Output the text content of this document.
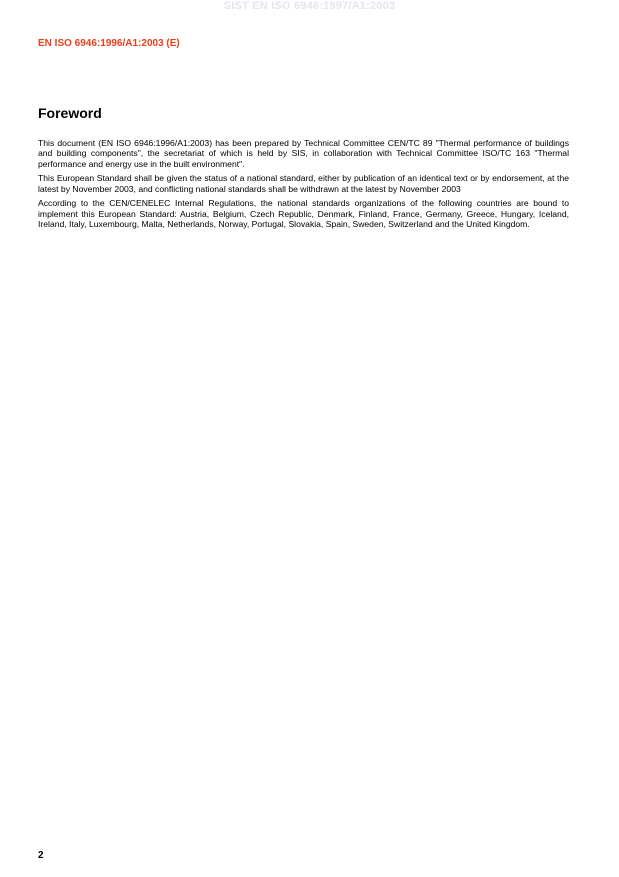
SIST EN ISO 6946:1997/A1:2003
EN ISO 6946:1996/A1:2003 (E)
Foreword

This document (EN ISO 6946:1996/A1:2003) has been prepared by Technical Committee CEN/TC 89 "Thermal performance of buildings and building components", the secretariat of which is held by SIS, in collaboration with Technical Committee ISO/TC 163 "Thermal performance and energy use in the built environment".

This European Standard shall be given the status of a national standard, either by publication of an identical text or by endorsement, at the latest by November 2003, and conflicting national standards shall be withdrawn at the latest by November 2003

According to the CEN/CENELEC Internal Regulations, the national standards organizations of the following countries are bound to implement this European Standard: Austria, Belgium, Czech Republic, Denmark, Finland, France, Germany, Greece, Hungary, Iceland, Ireland, Italy, Luxembourg, Malta, Netherlands, Norway, Portugal, Slovakia, Spain, Sweden, Switzerland and the United Kingdom.

2
